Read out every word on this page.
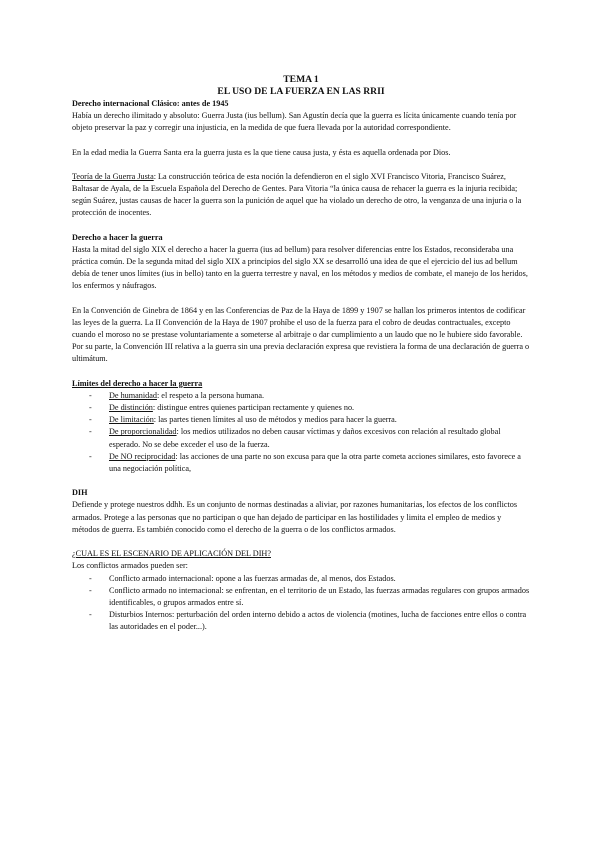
TEMA 1
EL USO DE LA FUERZA EN LAS RRII

Derecho internacional Clásico: antes de 1945

Había un derecho ilimitado y absoluto: Guerra Justa (ius bellum). San Agustín decía que la guerra es lícita únicamente cuando tenía por objeto preservar la paz y corregir una injusticia, en la medida de que fuera llevada por la autoridad correspondiente.

En la edad media la Guerra Santa era la guerra justa es la que tiene causa justa, y ésta es aquella ordenada por Dios.

Teoría de la Guerra Justa: La construcción teórica de esta noción la defendieron en el siglo XVI Francisco Vitoria, Francisco Suárez, Baltasar de Ayala, de la Escuela Española del Derecho de Gentes. Para Vitoria “la única causa de rehacer la guerra es la injuria recibida; según Suárez, justas causas de hacer la guerra son la punición de aquel que ha violado un derecho de otro, la venganza de una injuria o la protección de inocentes.

Derecho a hacer la guerra

Hasta la mitad del siglo XIX el derecho a hacer la guerra (ius ad bellum) para resolver diferencias entre los Estados, reconsideraba una práctica común. De la segunda mitad del siglo XIX a principios del siglo XX se desarrolló una idea de que el ejercicio del ius ad bellum debía de tener unos límites (ius in bello) tanto en la guerra terrestre y naval, en los métodos y medios de combate, el manejo de los heridos, los enfermos y náufragos.

En la Convención de Ginebra de 1864 y en las Conferencias de Paz de la Haya de 1899 y 1907 se hallan los primeros intentos de codificar las leyes de la guerra. La II Convención de la Haya de 1907 prohíbe el uso de la fuerza para el cobro de deudas contractuales, excepto cuando el moroso no se prestase voluntariamente a someterse al arbitraje o dar cumplimiento a un laudo que no le hubiere sido favorable. Por su parte, la Convención III relativa a la guerra sin una previa declaración expresa que revistiera la forma de una declaración de guerra o ultimátum.

Límites del derecho a hacer la guerra

- De humanidad: el respeto a la persona humana.
- De distinción: distingue entres quienes participan rectamente y quienes no.
- De limitación: las partes tienen límites al uso de métodos y medios para hacer la guerra.
- De proporcionalidad: los medios utilizados no deben causar víctimas y daños excesivos con relación al resultado global esperado. No se debe exceder el uso de la fuerza.
- De NO reciprocidad: las acciones de una parte no son excusa para que la otra parte cometa acciones similares, esto favorece a una negociación política,

DIH

Defiende y protege nuestros ddhh. Es un conjunto de normas destinadas a aliviar, por razones humanitarias, los efectos de los conflictos armados. Protege a las personas que no participan o que han dejado de participar en las hostilidades y limita el empleo de medios y métodos de guerra. Es también conocido como el derecho de la guerra o de los conflictos armados.

¿CUAL ES EL ESCENARIO DE APLICACIÓN DEL DIH?

Los conflictos armados pueden ser:

- Conflicto armado internacional: opone a las fuerzas armadas de, al menos, dos Estados.
- Conflicto armado no internacional: se enfrentan, en el territorio de un Estado, las fuerzas armadas regulares con grupos armados identificables, o grupos armados entre sí.
- Disturbios Internos: perturbación del orden interno debido a actos de violencia (motines, lucha de facciones entre ellos o contra las autoridades en el poder...).
